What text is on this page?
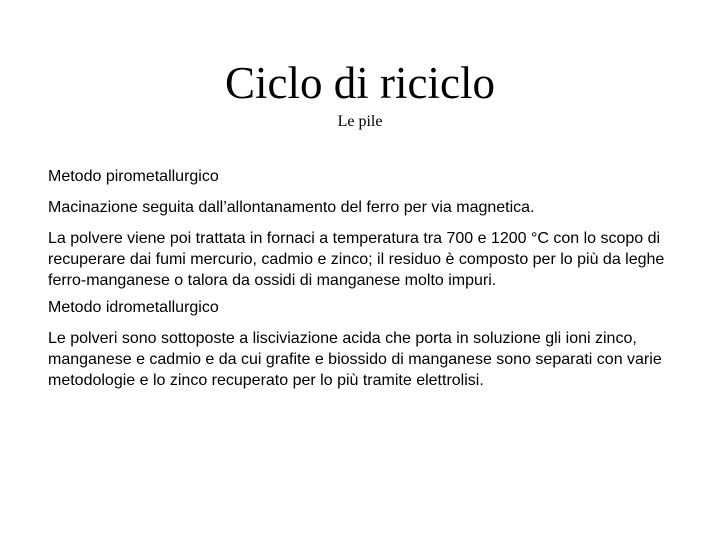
Ciclo di riciclo
Le pile

Metodo pirometallurgico

Macinazione seguita dall’allontanamento del ferro per via magnetica.

La polvere viene poi trattata in fornaci a temperatura tra 700 e 1200 °C con lo scopo di recuperare dai fumi mercurio, cadmio e zinco; il residuo è composto per lo più da leghe ferro-manganese o talora da ossidi di manganese molto impuri.

Metodo idrometallurgico

Le polveri sono sottoposte a lisciviazione acida che porta in soluzione gli ioni zinco, manganese e cadmio e da cui grafite e biossido di manganese sono separati con varie metodologie e lo zinco recuperato per lo più tramite elettrolisi.
